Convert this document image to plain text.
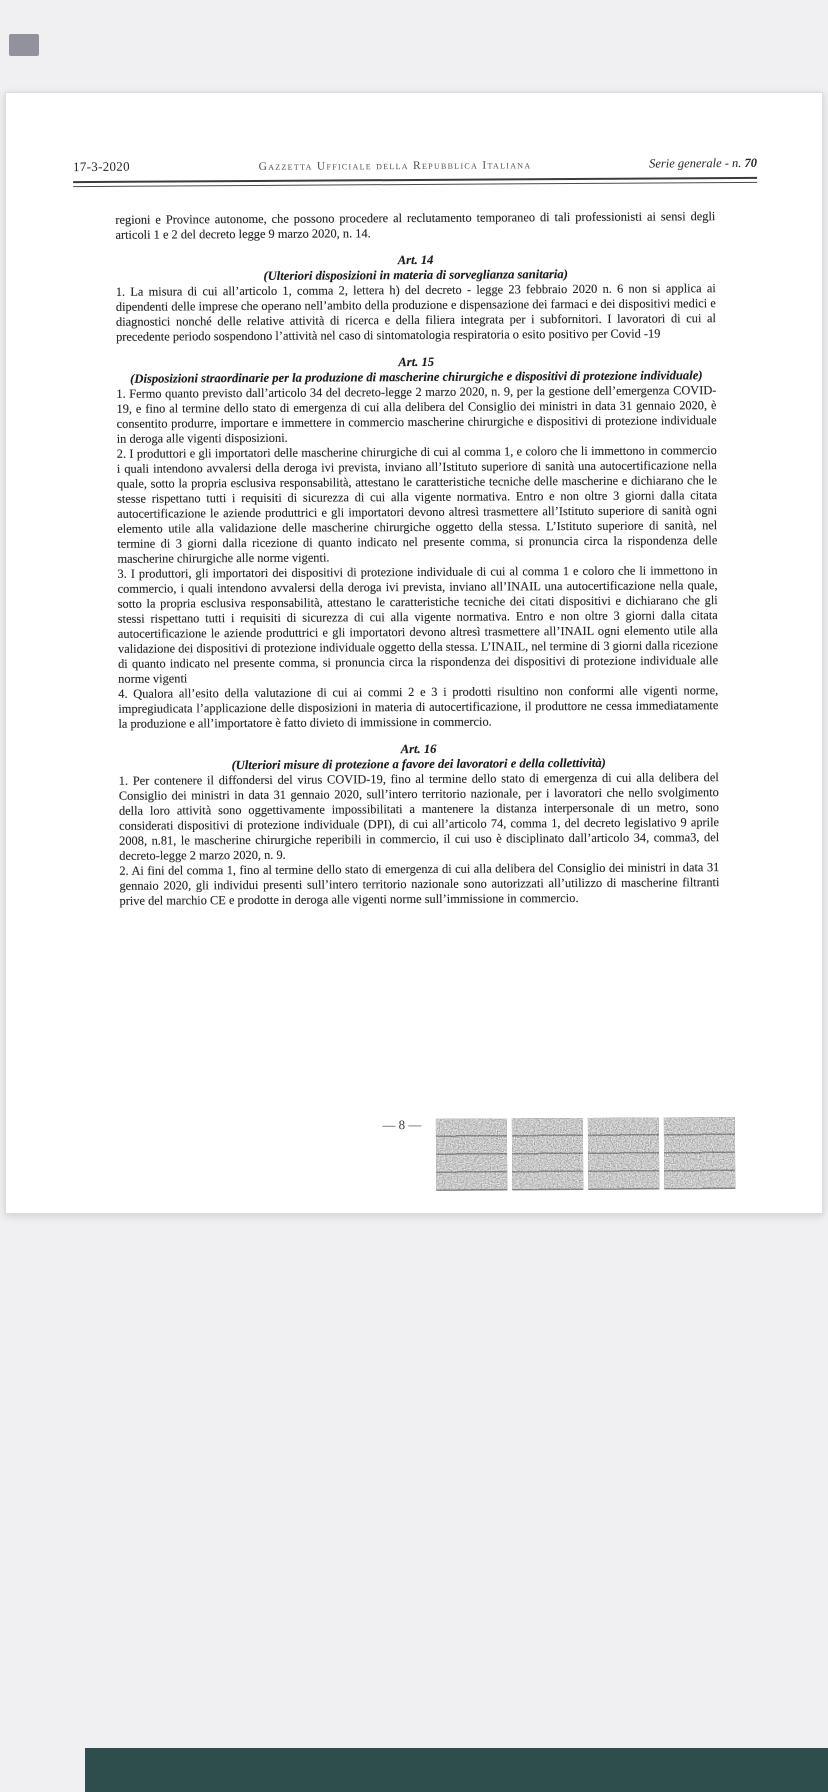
17-3-2020	Gazzetta Ufficiale della Repubblica Italiana	Serie generale - n. 70

regioni e Province autonome, che possono procedere al reclutamento temporaneo di tali professionisti ai sensi degli articoli 1 e 2 del decreto legge 9 marzo 2020, n. 14.

Art. 14

(Ulteriori disposizioni in materia di sorveglianza sanitaria)

1. La misura di cui all’articolo 1, comma 2, lettera h) del decreto - legge 23 febbraio 2020 n. 6 non si applica ai dipendenti delle imprese che operano nell’ambito della produzione e dispensazione dei farmaci e dei dispositivi medici e diagnostici nonché delle relative attività di ricerca e della filiera integrata per i subfornitori. I lavoratori di cui al precedente periodo sospendono l’attività nel caso di sintomatologia respiratoria o esito positivo per Covid -19

Art. 15

(Disposizioni straordinarie per la produzione di mascherine chirurgiche e dispositivi di protezione individuale)

1. Fermo quanto previsto dall’articolo 34 del decreto-legge 2 marzo 2020, n. 9, per la gestione dell’emergenza COVID-19, e fino al termine dello stato di emergenza di cui alla delibera del Consiglio dei ministri in data 31 gennaio 2020, è consentito produrre, importare e immettere in commercio mascherine chirurgiche e dispositivi di protezione individuale in deroga alle vigenti disposizioni.

2. I produttori e gli importatori delle mascherine chirurgiche di cui al comma 1, e coloro che li immettono in commercio i quali intendono avvalersi della deroga ivi prevista, inviano all’Istituto superiore di sanità una autocertificazione nella quale, sotto la propria esclusiva responsabilità, attestano le caratteristiche tecniche delle mascherine e dichiarano che le stesse rispettano tutti i requisiti di sicurezza di cui alla vigente normativa. Entro e non oltre 3 giorni dalla citata autocertificazione le aziende produttrici e gli importatori devono altresì trasmettere all’Istituto superiore di sanità ogni elemento utile alla validazione delle mascherine chirurgiche oggetto della stessa. L’Istituto superiore di sanità, nel termine di 3 giorni dalla ricezione di quanto indicato nel presente comma, si pronuncia circa la rispondenza delle mascherine chirurgiche alle norme vigenti.

3. I produttori, gli importatori dei dispositivi di protezione individuale di cui al comma 1 e coloro che li immettono in commercio, i quali intendono avvalersi della deroga ivi prevista, inviano all’INAIL una autocertificazione nella quale, sotto la propria esclusiva responsabilità, attestano le caratteristiche tecniche dei citati dispositivi e dichiarano che gli stessi rispettano tutti i requisiti di sicurezza di cui alla vigente normativa. Entro e non oltre 3 giorni dalla citata autocertificazione le aziende produttrici e gli importatori devono altresì trasmettere all’INAIL ogni elemento utile alla validazione dei dispositivi di protezione individuale oggetto della stessa. L’INAIL, nel termine di 3 giorni dalla ricezione di quanto indicato nel presente comma, si pronuncia circa la rispondenza dei dispositivi di protezione individuale alle norme vigenti

4. Qualora all’esito della valutazione di cui ai commi 2 e 3 i prodotti risultino non conformi alle vigenti norme, impregiudicata l’applicazione delle disposizioni in materia di autocertificazione, il produttore ne cessa immediatamente la produzione e all’importatore è fatto divieto di immissione in commercio.

Art. 16

(Ulteriori misure di protezione a favore dei lavoratori e della collettività)

1. Per contenere il diffondersi del virus COVID-19, fino al termine dello stato di emergenza di cui alla delibera del Consiglio dei ministri in data 31 gennaio 2020, sull’intero territorio nazionale, per i lavoratori che nello svolgimento della loro attività sono oggettivamente impossibilitati a mantenere la distanza interpersonale di un metro, sono considerati dispositivi di protezione individuale (DPI), di cui all’articolo 74, comma 1, del decreto legislativo 9 aprile 2008, n.81, le mascherine chirurgiche reperibili in commercio, il cui uso è disciplinato dall’articolo 34, comma3, del decreto-legge 2 marzo 2020, n. 9.

2. Ai fini del comma 1, fino al termine dello stato di emergenza di cui alla delibera del Consiglio dei ministri in data 31 gennaio 2020, gli individui presenti sull’intero territorio nazionale sono autorizzati all’utilizzo di mascherine filtranti prive del marchio CE e prodotte in deroga alle vigenti norme sull’immissione in commercio.

— 8 —
